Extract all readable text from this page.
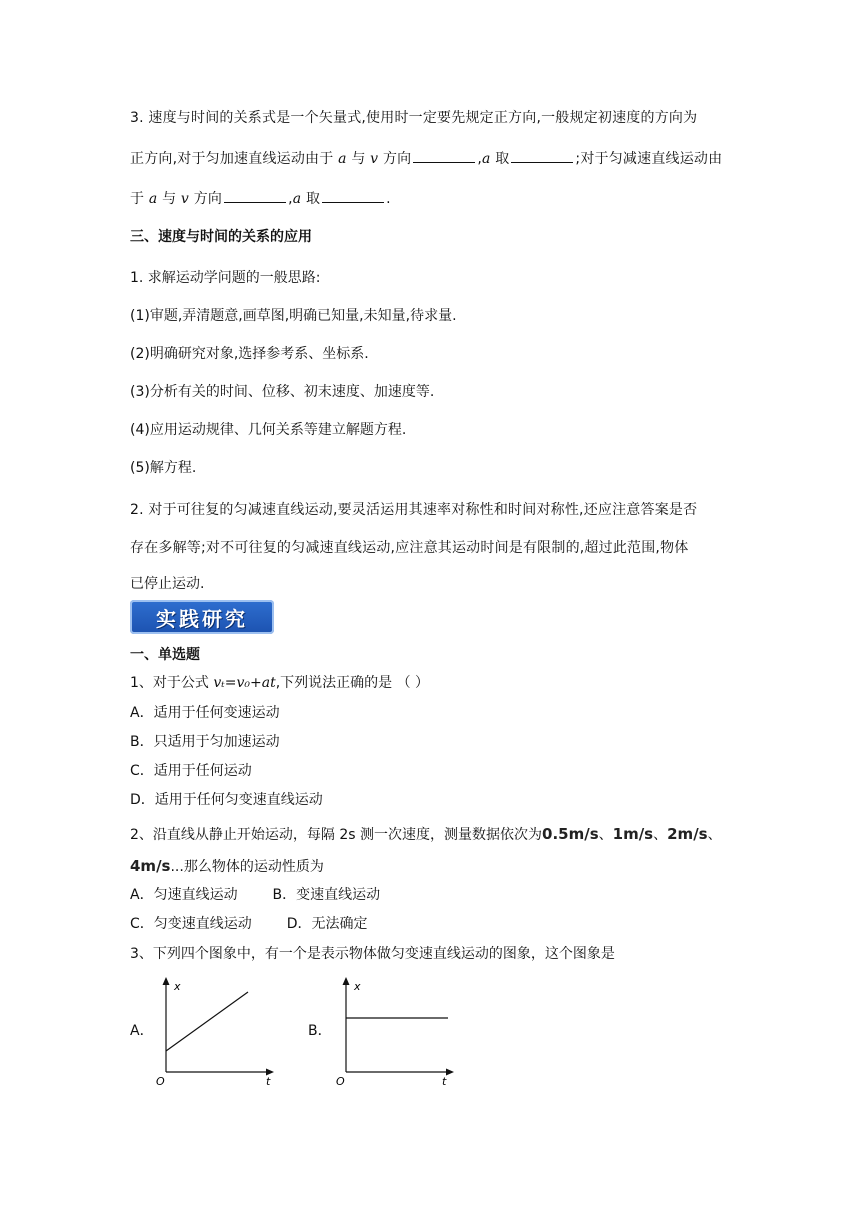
3. 速度与时间的关系式是一个矢量式,使用时一定要先规定正方向,一般规定初速度的方向为
正方向,对于匀加速直线运动由于 a 与 v 方向	,a 取	;对于匀减速直线运动由
于 a 与 v 方向	,a 取	.
三、速度与时间的关系的应用
1. 求解运动学问题的一般思路:
(1)审题,弄清题意,画草图,明确已知量,未知量,待求量.
(2)明确研究对象,选择参考系、坐标系.
(3)分析有关的时间、位移、初末速度、加速度等.
(4)应用运动规律、几何关系等建立解题方程.
(5)解方程.
2. 对于可往复的匀减速直线运动,要灵活运用其速率对称性和时间对称性,还应注意答案是否
存在多解等;对不可往复的匀减速直线运动,应注意其运动时间是有限制的,超过此范围,物体
已停止运动.
实践研究
一、单选题
1、对于公式 vₜ=v₀+at,下列说法正确的是 （ ）
A．适用于任何变速运动
B．只适用于匀加速运动
C．适用于任何运动
D．适用于任何匀变速直线运动
2、沿直线从静止开始运动，每隔 2s 测一次速度，测量数据依次为0.5m/s、1m/s、2m/s、
4m/s...那么物体的运动性质为
A．匀速直线运动 B．变速直线运动
C．匀变速直线运动 D．无法确定
3、下列四个图象中，有一个是表示物体做匀变速直线运动的图象，这个图象是
A．
x
t
O
B．
x
t
O
